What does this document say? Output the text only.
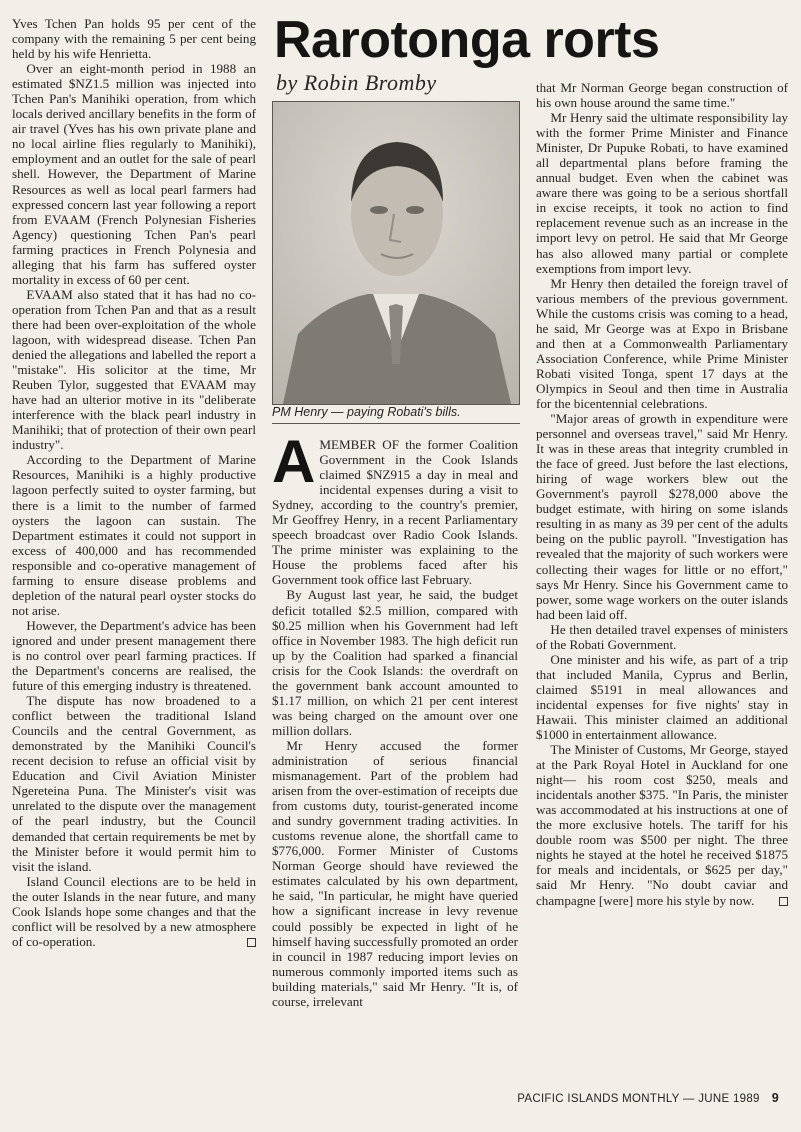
Yves Tchen Pan holds 95 per cent of the company with the remaining 5 per cent being held by his wife Henrietta.

Over an eight-month period in 1988 an estimated $NZ1.5 million was injected into Tchen Pan's Manihiki operation, from which locals derived ancillary benefits in the form of air travel (Yves has his own private plane and no local airline flies regularly to Manihiki), employment and an outlet for the sale of pearl shell. However, the Department of Marine Resources as well as local pearl farmers had expressed concern last year following a report from EVAAM (French Polynesian Fisheries Agency) questioning Tchen Pan's pearl farming practices in French Polynesia and alleging that his farm has suffered oyster mortality in excess of 60 per cent.

EVAAM also stated that it has had no co-operation from Tchen Pan and that as a result there had been over-exploitation of the whole lagoon, with widespread disease. Tchen Pan denied the allegations and labelled the report a "mistake". His solicitor at the time, Mr Reuben Tylor, suggested that EVAAM may have had an ulterior motive in its "deliberate interference with the black pearl industry in Manihiki; that of protection of their own pearl industry".

According to the Department of Marine Resources, Manihiki is a highly productive lagoon perfectly suited to oyster farming, but there is a limit to the number of farmed oysters the lagoon can sustain. The Department estimates it could not support in excess of 400,000 and has recommended responsible and co-operative management of farming to ensure disease problems and depletion of the natural pearl oyster stocks do not arise.

However, the Department's advice has been ignored and under present management there is no control over pearl farming practices. If the Department's concerns are realised, the future of this emerging industry is threatened.

The dispute has now broadened to a conflict between the traditional Island Councils and the central Government, as demonstrated by the Manihiki Council's recent decision to refuse an official visit by Education and Civil Aviation Minister Ngereteina Puna. The Minister's visit was unrelated to the dispute over the management of the pearl industry, but the Council demanded that certain requirements be met by the Minister before it would permit him to visit the island.

Island Council elections are to be held in the outer Islands in the near future, and many Cook Islands hope some changes and that the conflict will be resolved by a new atmosphere of co-operation.

Rarotonga rorts
by Robin Bromby

PM Henry — paying Robati's bills.

AMEMBER OF the former Coalition Government in the Cook Islands claimed $NZ915 a day in meal and incidental expenses during a visit to Sydney, according to the country's premier, Mr Geoffrey Henry, in a recent Parliamentary speech broadcast over Radio Cook Islands. The prime minister was explaining to the House the problems faced after his Government took office last February.

By August last year, he said, the budget deficit totalled $2.5 million, compared with $0.25 million when his Government had left office in November 1983. The high deficit run up by the Coalition had sparked a financial crisis for the Cook Islands: the overdraft on the government bank account amounted to $1.17 million, on which 21 per cent interest was being charged on the amount over one million dollars.

Mr Henry accused the former administration of serious financial mismanagement. Part of the problem had arisen from the over-estimation of receipts due from customs duty, tourist-generated income and sundry government trading activities. In customs revenue alone, the shortfall came to $776,000. Former Minister of Customs Norman George should have reviewed the estimates calculated by his own department, he said, "In particular, he might have queried how a significant increase in levy revenue could possibly be expected in light of he himself having successfully promoted an order in council in 1987 reducing import levies on numerous commonly imported items such as building materials," said Mr Henry. "It is, of course, irrelevant

that Mr Norman George began construction of his own house around the same time."

Mr Henry said the ultimate responsibility lay with the former Prime Minister and Finance Minister, Dr Pupuke Robati, to have examined all departmental plans before framing the annual budget. Even when the cabinet was aware there was going to be a serious shortfall in excise receipts, it took no action to find replacement revenue such as an increase in the import levy on petrol. He said that Mr George has also allowed many partial or complete exemptions from import levy.

Mr Henry then detailed the foreign travel of various members of the previous government. While the customs crisis was coming to a head, he said, Mr George was at Expo in Brisbane and then at a Commonwealth Parliamentary Association Conference, while Prime Minister Robati visited Tonga, spent 17 days at the Olympics in Seoul and then time in Australia for the bicentennial celebrations.

"Major areas of growth in expenditure were personnel and overseas travel," said Mr Henry. It was in these areas that integrity crumbled in the face of greed. Just before the last elections, hiring of wage workers blew out the Government's payroll $278,000 above the budget estimate, with hiring on some islands resulting in as many as 39 per cent of the adults being on the public payroll. "Investigation has revealed that the majority of such workers were collecting their wages for little or no effort," says Mr Henry. Since his Government came to power, some wage workers on the outer islands had been laid off.

He then detailed travel expenses of ministers of the Robati Government.

One minister and his wife, as part of a trip that included Manila, Cyprus and Berlin, claimed $5191 in meal allowances and incidental expenses for five nights' stay in Hawaii. This minister claimed an additional $1000 in entertainment allowance.

The Minister of Customs, Mr George, stayed at the Park Royal Hotel in Auckland for one night— his room cost $250, meals and incidentals another $375. "In Paris, the minister was accommodated at his instructions at one of the more exclusive hotels. The tariff for his double room was $500 per night. The three nights he stayed at the hotel he received $1875 for meals and incidentals, or $625 per day," said Mr Henry. "No doubt caviar and champagne [were] more his style by now.

PACIFIC ISLANDS MONTHLY — JUNE 1989 9
